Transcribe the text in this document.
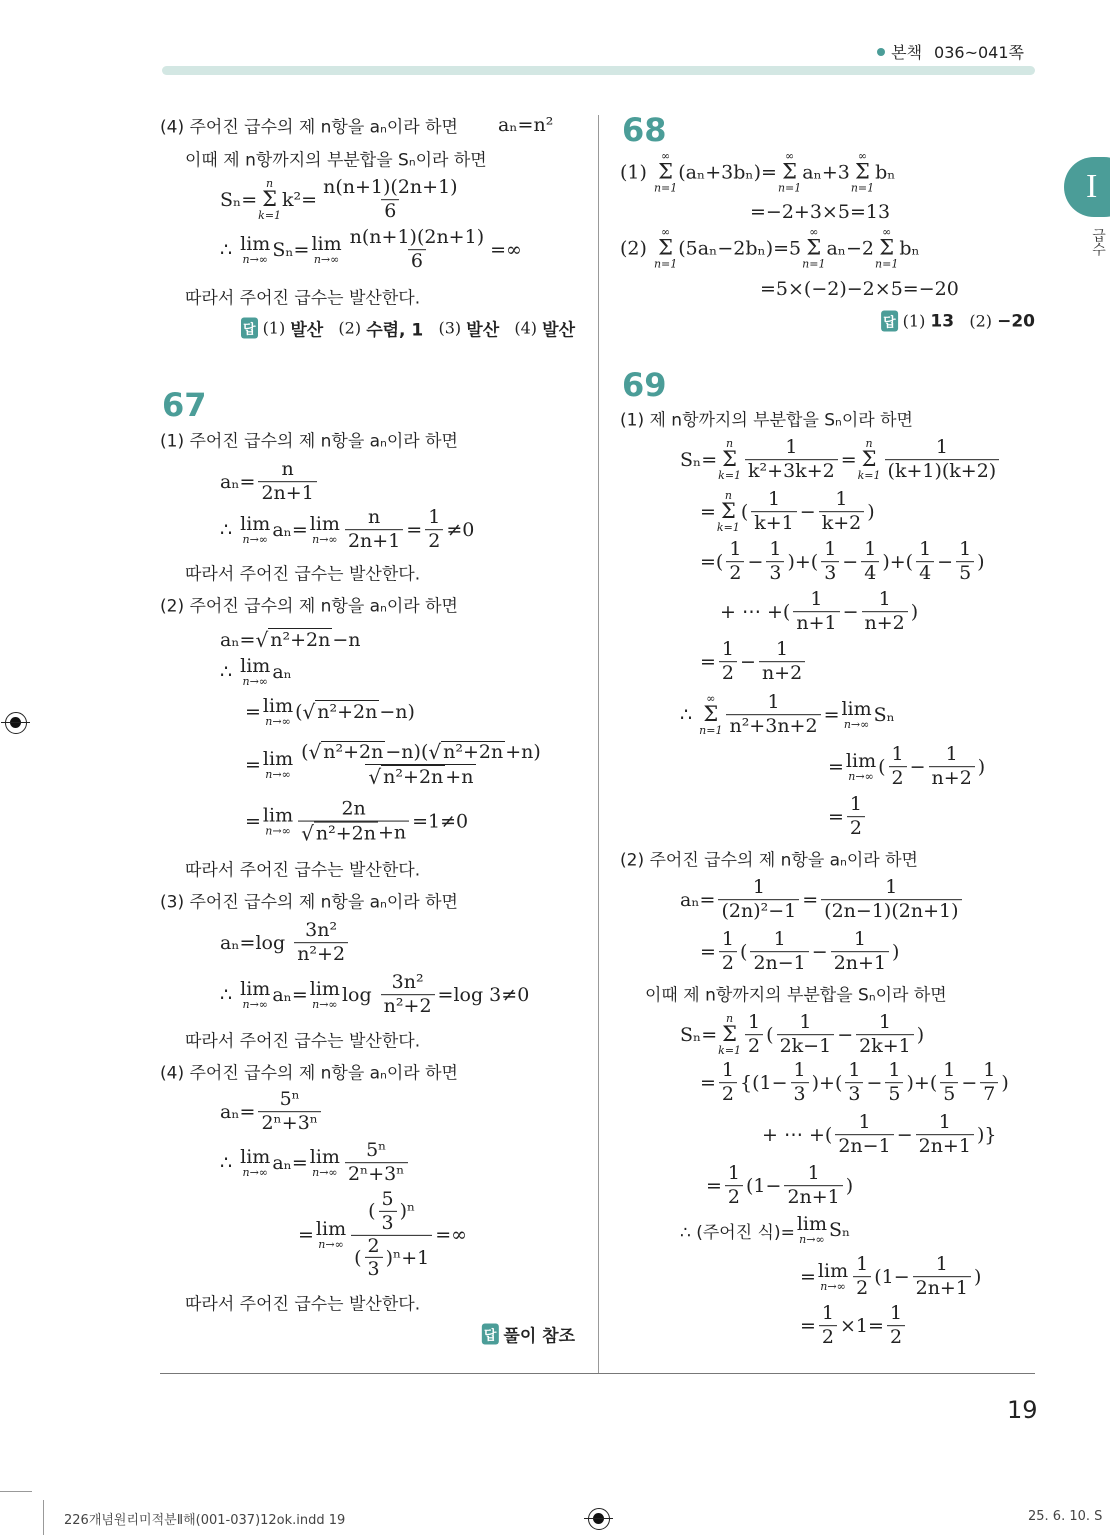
본책 036~041쪽
I
급수
19
(4) 주어진 급수의 제 n항을 aₙ이라 하면 aₙ=n²
이때 제 n항까지의 부분합을 Sₙ이라 하면
Sₙ=
n
Σ
k=1
$k^2= \frac{n(n+1)(2n+1)}{6}$
∴ lim
n→∞ Sₙ= lim
$n\to\infty \frac{n(n+1)(2n+1)}{6}$ =∞
따라서 주어진 급수는 발산한다.
답 (1) 발산 (2) 수렴, 1 (3) 발산 (4) 발산
67
(1) 주어진 급수의 제 n항을 aₙ이라 하면
$a_n= \frac{n}{2n+1}$
∴ lim
n→∞ aₙ= lim
$n\to\infty \frac{n}{2n+1} = \frac{1}{2} \ne 0$
따라서 주어진 급수는 발산한다.
(2) 주어진 급수의 제 n항을 aₙ이라 하면
aₙ= √ n²+2n −n
∴ lim
n→∞ aₙ
= lim
n→∞ ( √ n²+2n −n)
= lim
$n\to\infty \frac{\text{( √ n²+2n −n)( √ n²+2n +n)}}{\text{√ n²+2n +n}}$
= lim
$n\to\infty \frac{2n}{\text{√ n²+2n +n}} =1\ne 0$
따라서 주어진 급수는 발산한다.
(3) 주어진 급수의 제 n항을 aₙ이라 하면
$a_n=\log \frac{\text{3n²}}{\text{n²+2}}$
∴ lim
n→∞ aₙ= lim
n→∞ $\log \frac{\text{3n²}}{\text{n²+2}} =\log$ 3≠0
따라서 주어진 급수는 발산한다.
(4) 주어진 급수의 제 n항을 aₙ이라 하면
$a_n= \frac{\text{5ⁿ}}{\text{2ⁿ+3ⁿ}}$
∴ lim
n→∞ aₙ= lim
$n\to\infty \frac{\text{5ⁿ}}{\text{2ⁿ+3ⁿ}}$
= lim
$n\to\infty \frac{( \frac{5}{3} )^n}{( \frac{2}{3} )^n+1}$ =∞
따라서 주어진 급수는 발산한다.
답 풀이 참조
68
(1)
∞
Σ
n=1
(aₙ+3bₙ)=
∞
Σ
n=1
aₙ+3
∞
Σ
n=1
bₙ
=−2+3×5=13
(2)
∞
Σ
n=1
(5aₙ−2bₙ)=5
∞
Σ
n=1
aₙ−2
∞
Σ
n=1
bₙ
=5×(−2)−2×5=−20
답 (1) 13 (2) −20
69
(1) 제 n항까지의 부분합을 Sₙ이라 하면
Sₙ=
n
Σ
$k=1 \frac{1}{\text{k²+3k+2}}$ =
n
Σ
$k=1 \frac{1}{(k+1)(k+2)}$
=
n
Σ
k=1
( $\frac{1}{k+1} - \frac{1}{k+2}$ )
=( $\frac{1}{2} - \frac{1}{3}$ )+( $\frac{1}{3} - \frac{1}{4}$ )+( $\frac{1}{4} - \frac{1}{5}$ )
+ ⋯ +( $\frac{1}{n+1} - \frac{1}{n+2}$ )
= $\frac{1}{2} - \frac{1}{n+2}$
∴
∞
Σ
$n=1 \frac{1}{\text{n²+3n+2}} = \lim$
n→∞ Sₙ
= lim
n→∞ ( $\frac{1}{2} - \frac{1}{n+2}$ )
= $\frac{1}{2}$
(2) 주어진 급수의 제 n항을 aₙ이라 하면
$a_n= \frac{1}{\text{(2n)²−1}} = \frac{1}{(2n-1)(2n+1)}$
= $\frac{1}{2}$ ( $\frac{1}{2n-1} - \frac{1}{2n+1}$ )
이때 제 n항까지의 부분합을 Sₙ이라 하면
Sₙ=
n
Σ
$k=1 \frac{1}{2}$ ( $\frac{1}{2k-1} - \frac{1}{2k+1}$ )
= $\frac{1}{2} \{(1- \frac{1}{3}$ )+( $\frac{1}{3} - \frac{1}{5}$ )+( $\frac{1}{5} - \frac{1}{7}$ )
+ ⋯ +( $\frac{1}{2n-1} - \frac{1}{2n+1}$ )}
= $\frac{1}{2} (1- \frac{1}{2n+1}$ )
∴ (주어진 식)= lim
n→∞ Sₙ
= lim
$n\to\infty \frac{1}{2} (1- \frac{1}{2n+1}$ )
= $\frac{1}{2} \times 1= \frac{1}{2}$
226개념원리미적분Ⅱ해(001-037)12ok.indd 19	25. 6. 10. S
